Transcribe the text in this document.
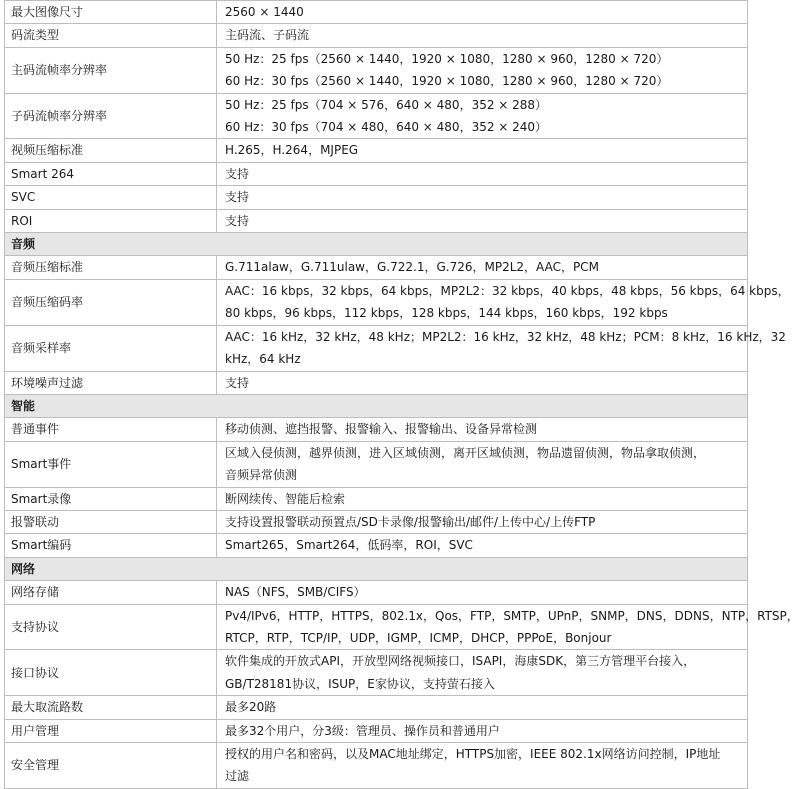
最大图像尺寸	2560 × 1440

码流类型	主码流、子码流

主码流帧率分辨率	50 Hz：25 fps（2560 × 1440，1920 × 1080，1280 × 960，1280 × 720）
60 Hz：30 fps（2560 × 1440，1920 × 1080，1280 × 960，1280 × 720）

子码流帧率分辨率	50 Hz：25 fps（704 × 576，640 × 480，352 × 288）
60 Hz：30 fps（704 × 480，640 × 480，352 × 240）

视频压缩标准	H.265，H.264，MJPEG

Smart 264	支持

SVC	支持

ROI	支持

音频	
音频压缩标准	G.711alaw，G.711ulaw，G.722.1，G.726，MP2L2，AAC，PCM

音频压缩码率	AAC：16 kbps，32 kbps，64 kbps，MP2L2：32 kbps，40 kbps，48 kbps，56 kbps，64 kbps，
80 kbps，96 kbps，112 kbps，128 kbps，144 kbps，160 kbps，192 kbps

音频采样率	AAC：16 kHz，32 kHz，48 kHz；MP2L2：16 kHz，32 kHz，48 kHz；PCM：8 kHz，16 kHz，32
kHz，64 kHz

环境噪声过滤	支持

智能	
普通事件	移动侦测、遮挡报警、报警输入、报警输出、设备异常检测

Smart事件	区域入侵侦测，越界侦测，进入区域侦测，离开区域侦测，物品遗留侦测，物品拿取侦测，
音频异常侦测

Smart录像	断网续传、智能后检索

报警联动	支持设置报警联动预置点/SD卡录像/报警输出/邮件/上传中心/上传FTP

Smart编码	Smart265，Smart264，低码率，ROI，SVC

网络	
网络存储	NAS（NFS，SMB/CIFS）

支持协议	Pv4/IPv6，HTTP，HTTPS，802.1x，Qos，FTP，SMTP，UPnP，SNMP，DNS，DDNS，NTP，RTSP，
RTCP，RTP，TCP/IP，UDP，IGMP，ICMP，DHCP，PPPoE，Bonjour

接口协议	软件集成的开放式API，开放型网络视频接口，ISAPI，海康SDK，第三方管理平台接入，
GB/T28181协议，ISUP，E家协议，支持萤石接入

最大取流路数	最多20路

用户管理	最多32个用户，分3级：管理员、操作员和普通用户

安全管理	授权的用户名和密码，以及MAC地址绑定，HTTPS加密，IEEE 802.1x网络访问控制，IP地址
过滤
